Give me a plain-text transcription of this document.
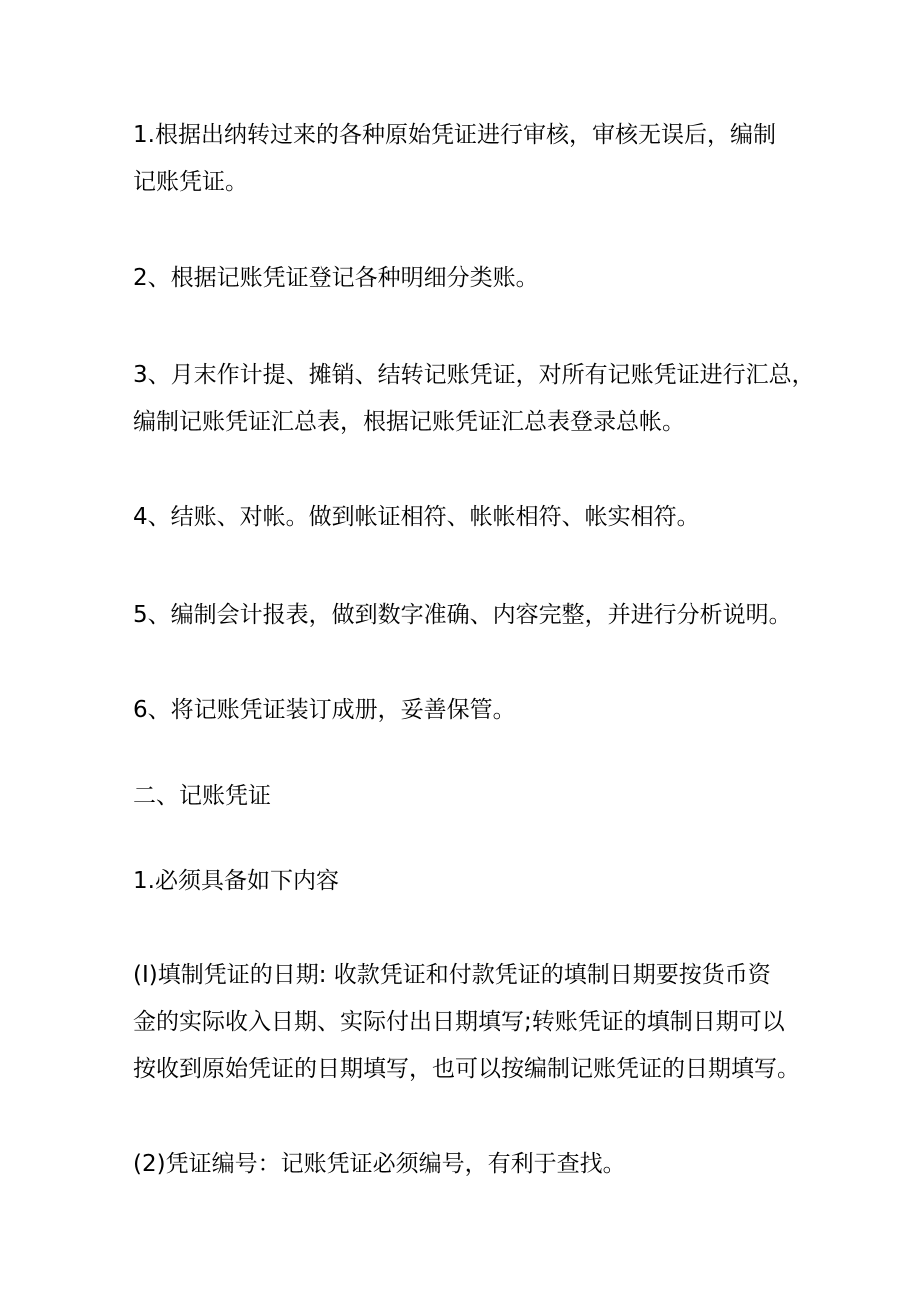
1.根据出纳转过来的各种原始凭证进行审核，审核无误后，编制
记账凭证。

2、根据记账凭证登记各种明细分类账。

3、月末作计提、摊销、结转记账凭证，对所有记账凭证进行汇总，
编制记账凭证汇总表，根据记账凭证汇总表登录总帐。

4、结账、对帐。做到帐证相符、帐帐相符、帐实相符。

5、编制会计报表，做到数字准确、内容完整，并进行分析说明。

6、将记账凭证装订成册，妥善保管。

二、记账凭证

1.必须具备如下内容

(I)填制凭证的日期: 收款凭证和付款凭证的填制日期要按货币资
金的实际收入日期、实际付出日期填写;转账凭证的填制日期可以
按收到原始凭证的日期填写，也可以按编制记账凭证的日期填写。

(2)凭证编号：记账凭证必须编号，有利于查找。
